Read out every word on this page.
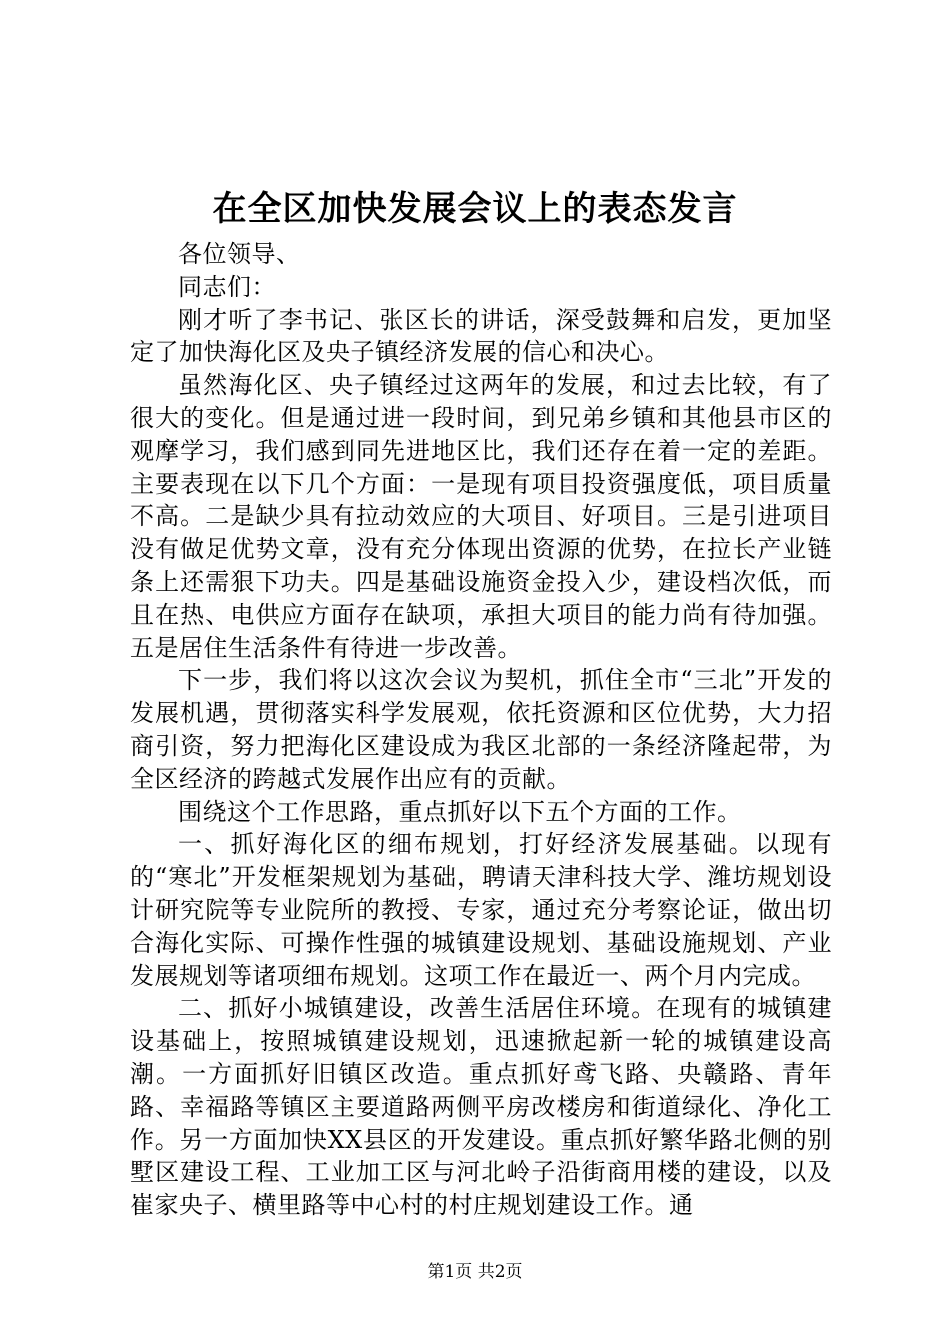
在全区加快发展会议上的表态发言

各位领导、

同志们：

刚才听了李书记、张区长的讲话，深受鼓舞和启发，更加坚定了加快海化区及央子镇经济发展的信心和决心。

虽然海化区、央子镇经过这两年的发展，和过去比较，有了很大的变化。但是通过进一段时间，到兄弟乡镇和其他县市区的观摩学习，我们感到同先进地区比，我们还存在着一定的差距。主要表现在以下几个方面：一是现有项目投资强度低，项目质量不高。二是缺少具有拉动效应的大项目、好项目。三是引进项目没有做足优势文章，没有充分体现出资源的优势，在拉长产业链条上还需狠下功夫。四是基础设施资金投入少，建设档次低，而且在热、电供应方面存在缺项，承担大项目的能力尚有待加强。五是居住生活条件有待进一步改善。

下一步，我们将以这次会议为契机，抓住全市“三北”开发的发展机遇，贯彻落实科学发展观，依托资源和区位优势，大力招商引资，努力把海化区建设成为我区北部的一条经济隆起带，为全区经济的跨越式发展作出应有的贡献。

围绕这个工作思路，重点抓好以下五个方面的工作。

一、抓好海化区的细布规划，打好经济发展基础。以现有的“寒北”开发框架规划为基础，聘请天津科技大学、潍坊规划设计研究院等专业院所的教授、专家，通过充分考察论证，做出切合海化实际、可操作性强的城镇建设规划、基础设施规划、产业发展规划等诸项细布规划。这项工作在最近一、两个月内完成。

二、抓好小城镇建设，改善生活居住环境。在现有的城镇建设基础上，按照城镇建设规划，迅速掀起新一轮的城镇建设高潮。一方面抓好旧镇区改造。重点抓好鸢飞路、央赣路、青年路、幸福路等镇区主要道路两侧平房改楼房和街道绿化、净化工作。另一方面加快XX县区的开发建设。重点抓好繁华路北侧的别墅区建设工程、工业加工区与河北岭子沿街商用楼的建设，以及崔家央子、横里路等中心村的村庄规划建设工作。通

第1页 共2页
